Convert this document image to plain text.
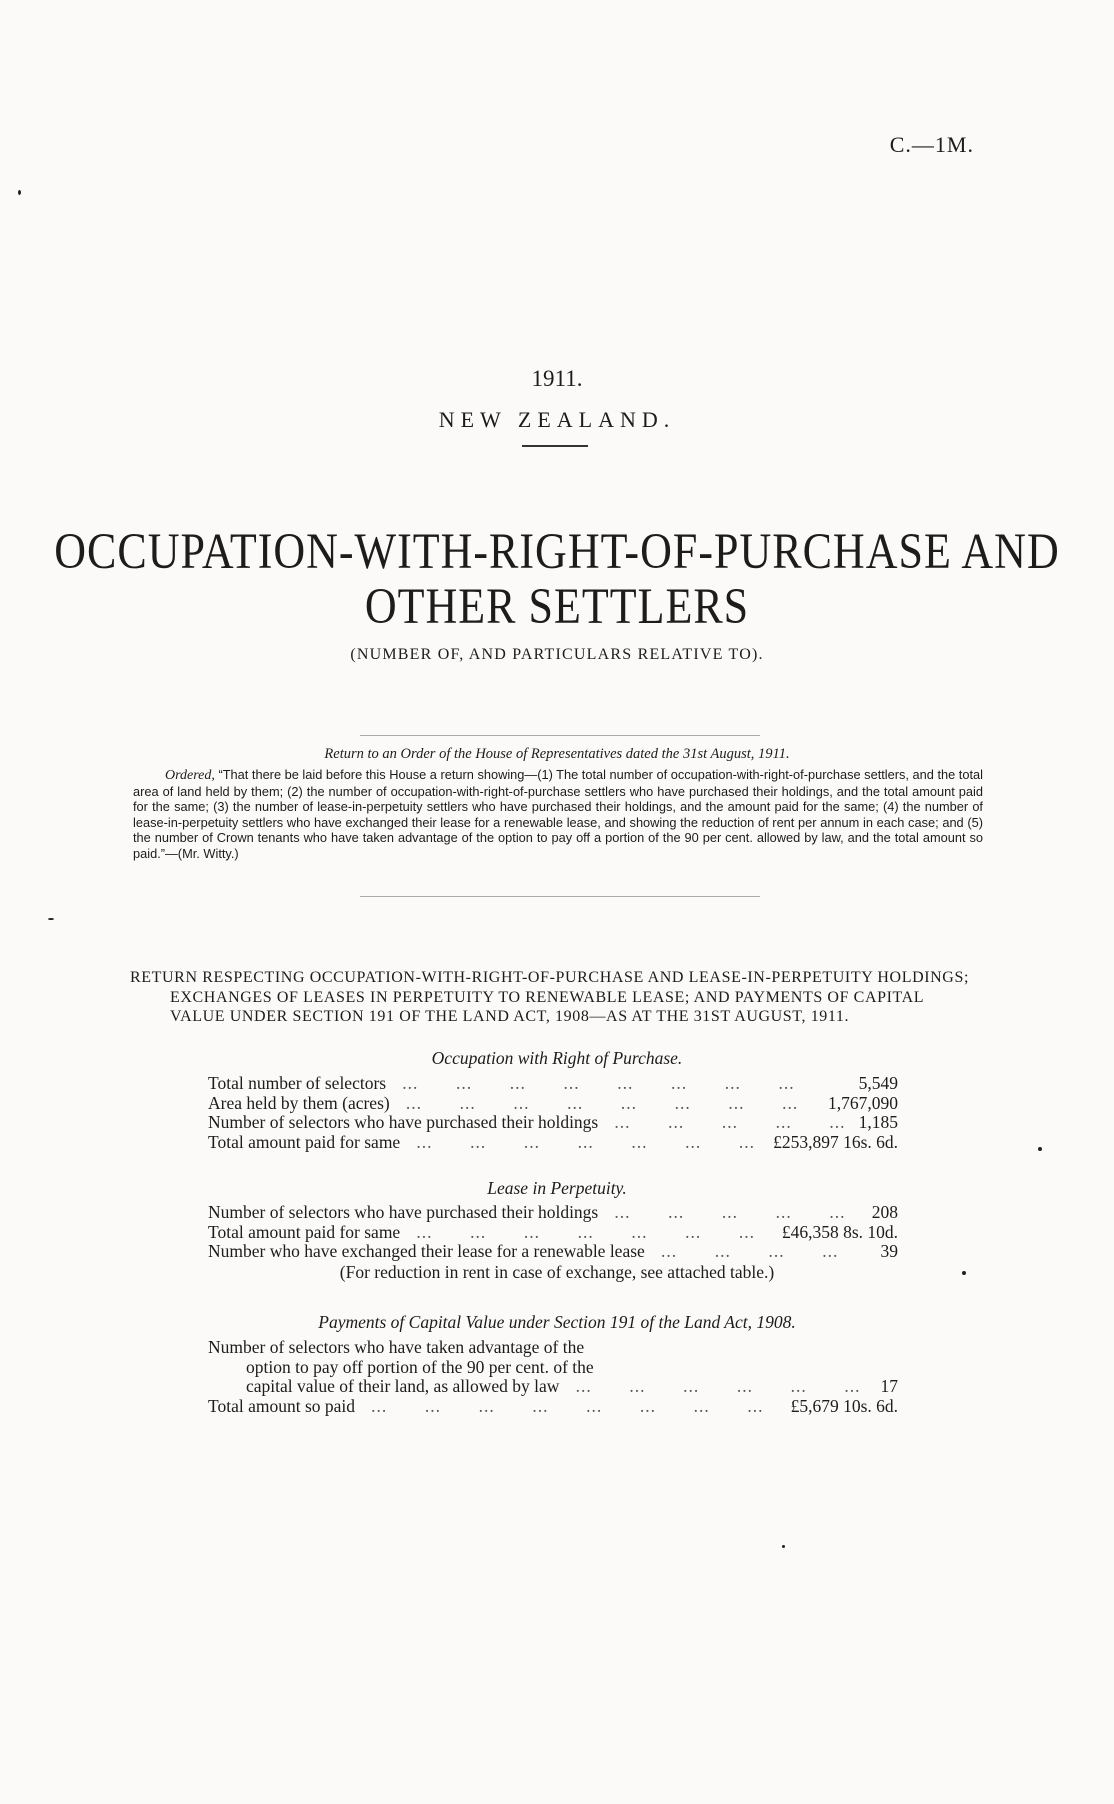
C.—1M.
1911.
NEW ZEALAND.
OCCUPATION-WITH-RIGHT-OF-PURCHASE AND
OTHER SETTLERS
(NUMBER OF, AND PARTICULARS RELATIVE TO).
Return to an Order of the House of Representatives dated the 31st August, 1911.
Ordered, “That there be laid before this House a return showing—(1) The total number of occupation-with-right-of-purchase settlers, and the total area of land held by them; (2) the number of occupation-with-right-of-purchase settlers who have purchased their holdings, and the total amount paid for the same; (3) the number of lease-in-perpetuity settlers who have purchased their holdings, and the amount paid for the same; (4) the number of lease-in-perpetuity settlers who have exchanged their lease for a renewable lease, and showing the reduction of rent per annum in each case; and (5) the number of Crown tenants who have taken advantage of the option to pay off a portion of the 90 per cent. allowed by law, and the total amount so paid.”—(Mr. Witty.)
RETURN RESPECTING OCCUPATION-WITH-RIGHT-OF-PURCHASE AND LEASE-IN-PERPETUITY HOLDINGS;
EXCHANGES OF LEASES IN PERPETUITY TO RENEWABLE LEASE; AND PAYMENTS OF CAPITAL
VALUE UNDER SECTION 191 OF THE LAND ACT, 1908—AS AT THE 31ST AUGUST, 1911.
Occupation with Right of Purchase.
Total number of selectors ...	5,549
Area held by them (acres) ...	1,767,090
Number of selectors who have purchased their holdings ...	1,185
Total amount paid for same ...	£253,897 16s. 6d.
Lease in Perpetuity.
Number of selectors who have purchased their holdings ...	208
Total amount paid for same ...	£46,358 8s. 10d.
Number who have exchanged their lease for a renewable lease ...	39
(For reduction in rent in case of exchange, see attached table.)
Payments of Capital Value under Section 191 of the Land Act, 1908.
Number of selectors who have taken advantage of the
option to pay off portion of the 90 per cent. of the
capital value of their land, as allowed by law ...	17
Total amount so paid ...	£5,679 10s. 6d.
